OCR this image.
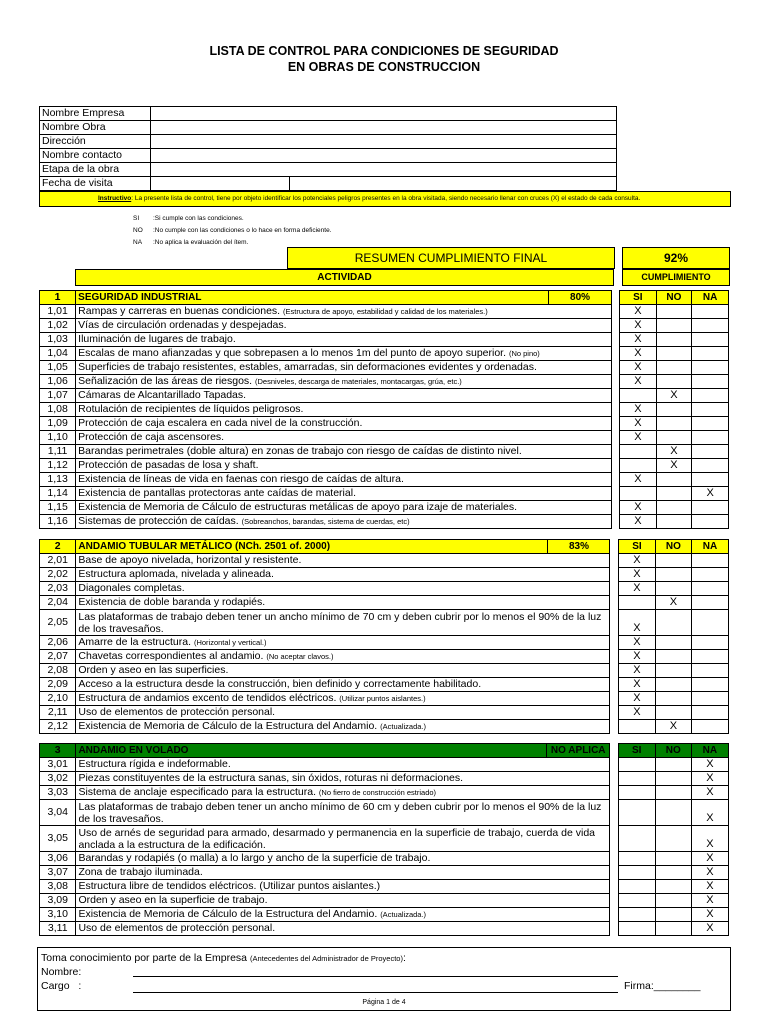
LISTA DE CONTROL PARA CONDICIONES DE SEGURIDAD
EN OBRAS DE CONSTRUCCION
Nombre Empresa		
Nombre Obra		
Dirección		
Nombre contacto		
Etapa de la obra		
Fecha de visita		
Instructivo: La presente lista de control, tiene por objeto identificar los potenciales peligros presentes en la obra visitada, siendo necesario llenar con cruces (X) el estado de cada consulta.
SI :Si cumple con las condiciones.
NO :No cumple con las condiciones o lo hace en forma deficiente.
NA :No aplica la evaluación del ítem.
RESUMEN CUMPLIMIENTO FINAL	92%
ACTIVIDAD	CUMPLIMIENTO
1	SEGURIDAD INDUSTRIAL	80%		SI	NO	NA
1,01	Rampas y carreras en buenas condiciones. (Estructura de apoyo, estabilidad y calidad de los materiales.)			X		
1,02	Vías de circulación ordenadas y despejadas.			X		
1,03	Iluminación de lugares de trabajo.			X		
1,04	Escalas de mano afianzadas y que sobrepasen a lo menos 1m del punto de apoyo superior. (No pino)			X		
1,05	Superficies de trabajo resistentes, estables, amarradas, sin deformaciones evidentes y ordenadas.			X		
1,06	Señalización de las áreas de riesgos. (Desniveles, descarga de materiales, montacargas, grúa, etc.)			X		
1,07	Cámaras de Alcantarillado Tapadas.				X	
1,08	Rotulación de recipientes de líquidos peligrosos.			X		
1,09	Protección de caja escalera en cada nivel de la construcción.			X		
1,10	Protección de caja ascensores.			X		
1,11	Barandas perimetrales (doble altura) en zonas de trabajo con riesgo de caídas de distinto nivel.				X	
1,12	Protección de pasadas de losa y shaft.				X	
1,13	Existencia de líneas de vida en faenas con riesgo de caídas de altura.			X		
1,14	Existencia de pantallas protectoras ante caídas de material.					X
1,15	Existencia de Memoria de Cálculo de estructuras metálicas de apoyo para izaje de materiales.			X		
1,16	Sistemas de protección de caídas. (Sobreanchos, barandas, sistema de cuerdas, etc)			X		
2	ANDAMIO TUBULAR METÁLICO (NCh. 2501 of. 2000)	83%		SI	NO	NA
2,01	Base de apoyo nivelada, horizontal y resistente.			X		
2,02	Estructura aplomada, nivelada y alineada.			X		
2,03	Diagonales completas.			X		
2,04	Existencia de doble baranda y rodapiés.				X	
2,05	Las plataformas de trabajo deben tener un ancho mínimo de 70 cm y deben cubrir por lo menos el 90% de la luz de los travesaños.			X		
2,06	Amarre de la estructura. (Horizontal y vertical.)			X		
2,07	Chavetas correspondientes al andamio. (No aceptar clavos.)			X		
2,08	Orden y aseo en las superficies.			X		
2,09	Acceso a la estructura desde la construcción, bien definido y correctamente habilitado.			X		
2,10	Estructura de andamios excento de tendidos eléctricos. (Utilizar puntos aislantes.)			X		
2,11	Uso de elementos de protección personal.			X		
2,12	Existencia de Memoria de Cálculo de la Estructura del Andamio. (Actualizada.)				X	
3	ANDAMIO EN VOLADO	NO APLICA		SI	NO	NA
3,01	Estructura rígida e indeformable.					X
3,02	Piezas constituyentes de la estructura sanas, sin óxidos, roturas ni deformaciones.					X
3,03	Sistema de anclaje especificado para la estructura. (No fierro de construcción estriado)					X
3,04	Las plataformas de trabajo deben tener un ancho mínimo de 60 cm y deben cubrir por lo menos el 90% de la luz de los travesaños.					X
3,05	Uso de arnés de seguridad para armado, desarmado y permanencia en la superficie de trabajo, cuerda de vida anclada a la estructura de la edificación.					X
3,06	Barandas y rodapiés (o malla) a lo largo y ancho de la superficie de trabajo.					X
3,07	Zona de trabajo iluminada.					X
3,08	Estructura libre de tendidos eléctricos. (Utilizar puntos aislantes.)					X
3,09	Orden y aseo en la superficie de trabajo.					X
3,10	Existencia de Memoria de Cálculo de la Estructura del Andamio. (Actualizada.)					X
3,11	Uso de elementos de protección personal.					X
Toma conocimiento por parte de la Empresa (Antecedentes del Administrador de Proyecto):
Nombre:
Cargo   :	Firma:________
Página 1 de 4
